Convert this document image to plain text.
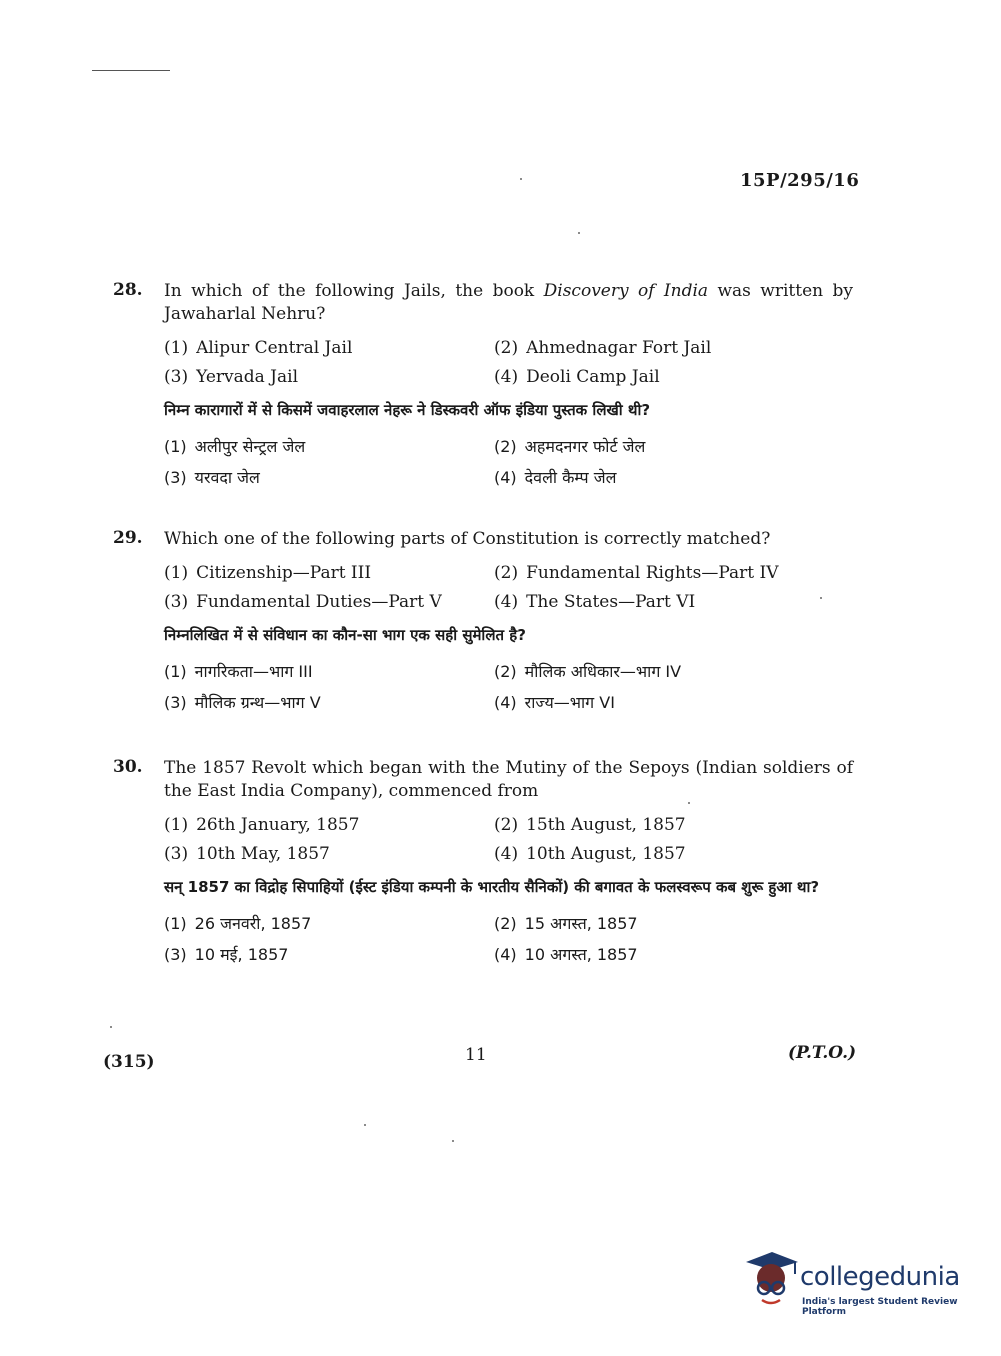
15P/295/16
28. In which of the following Jails, the book Discovery of India was written by Jawaharlal Nehru?
(1) Alipur Central Jail	(2) Ahmednagar Fort Jail
(3) Yervada Jail	(4) Deoli Camp Jail
निम्न कारागारों में से किसमें जवाहरलाल नेहरू ने डिस्कवरी ऑफ इंडिया पुस्तक लिखी थी?
(1) अलीपुर सेन्ट्रल जेल	(2) अहमदनगर फोर्ट जेल
(3) यरवदा जेल	(4) देवली कैम्प जेल
29. Which one of the following parts of Constitution is correctly matched?
(1) Citizenship—Part III	(2) Fundamental Rights—Part IV
(3) Fundamental Duties—Part V	(4) The States—Part VI
निम्नलिखित में से संविधान का कौन-सा भाग एक सही सुमेलित है?
(1) नागरिकता—भाग III	(2) मौलिक अधिकार—भाग IV
(3) मौलिक ग्रन्थ—भाग V	(4) राज्य—भाग VI
30. The 1857 Revolt which began with the Mutiny of the Sepoys (Indian soldiers of the East India Company), commenced from
(1) 26th January, 1857	(2) 15th August, 1857
(3) 10th May, 1857	(4) 10th August, 1857
सन् 1857 का विद्रोह सिपाहियों (ईस्ट इंडिया कम्पनी के भारतीय सैनिकों) की बगावत के फलस्वरूप कब शुरू हुआ था?
(1) 26 जनवरी, 1857	(2) 15 अगस्त, 1857
(3) 10 मई, 1857	(4) 10 अगस्त, 1857
(315)	11	(P.T.O.)
collegedunia
India's largest Student Review Platform
